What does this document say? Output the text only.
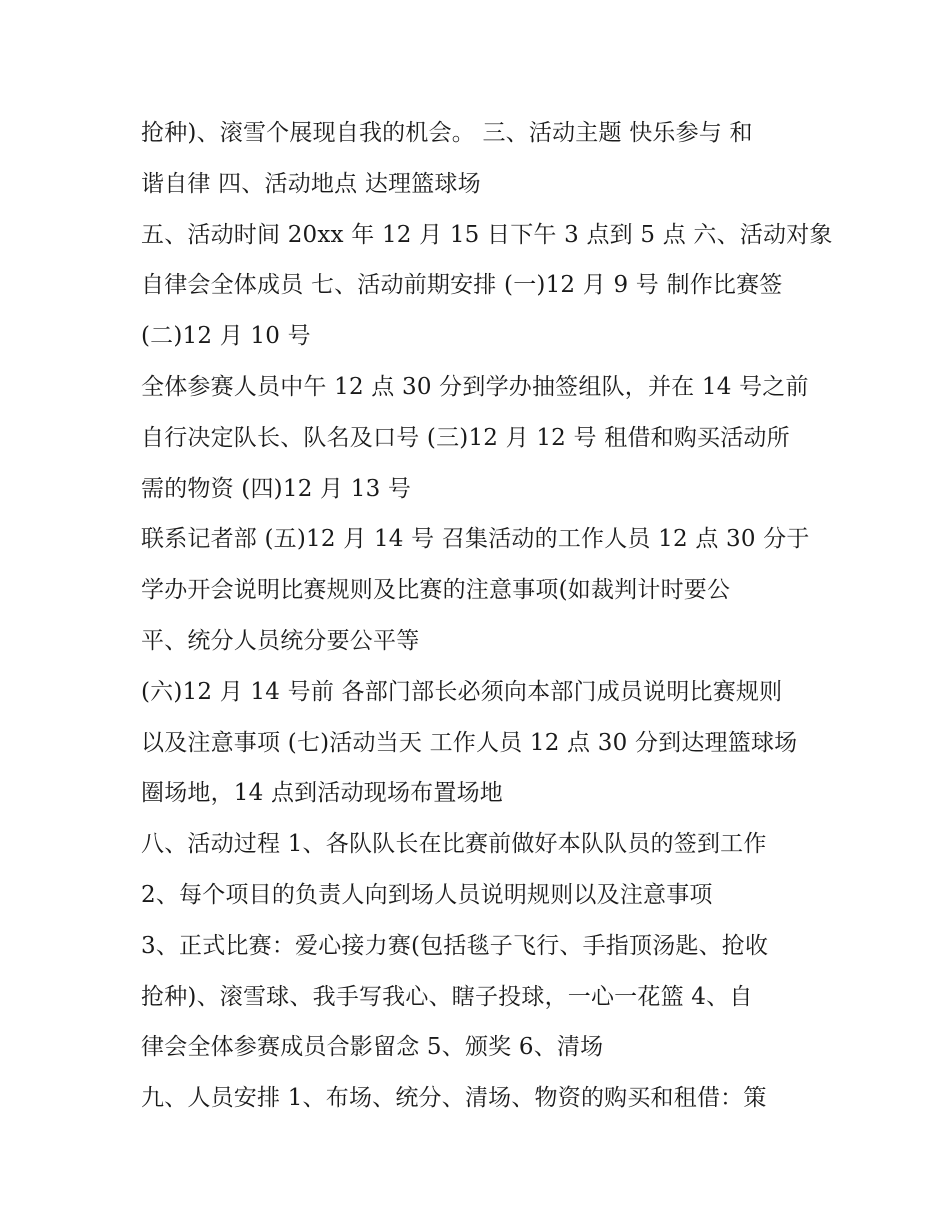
抢种)、滚雪个展现自我的机会。 三、活动主题 快乐参与 和
谐自律 四、活动地点 达理篮球场
五、活动时间 20xx 年 12 月 15 日下午 3 点到 5 点 六、活动对象
自律会全体成员 七、活动前期安排 (一)12 月 9 号 制作比赛签
(二)12 月 10 号
全体参赛人员中午 12 点 30 分到学办抽签组队，并在 14 号之前
自行决定队长、队名及口号 (三)12 月 12 号 租借和购买活动所
需的物资 (四)12 月 13 号
联系记者部 (五)12 月 14 号 召集活动的工作人员 12 点 30 分于
学办开会说明比赛规则及比赛的注意事项(如裁判计时要公
平、统分人员统分要公平等
(六)12 月 14 号前 各部门部长必须向本部门成员说明比赛规则
以及注意事项 (七)活动当天 工作人员 12 点 30 分到达理篮球场
圈场地，14 点到活动现场布置场地
八、活动过程 1、各队队长在比赛前做好本队队员的签到工作
2、每个项目的负责人向到场人员说明规则以及注意事项
3、正式比赛：爱心接力赛(包括毯子飞行、手指顶汤匙、抢收
抢种)、滚雪球、我手写我心、瞎子投球，一心一花篮 4、自
律会全体参赛成员合影留念 5、颁奖 6、清场
九、人员安排 1、布场、统分、清场、物资的购买和租借：策
